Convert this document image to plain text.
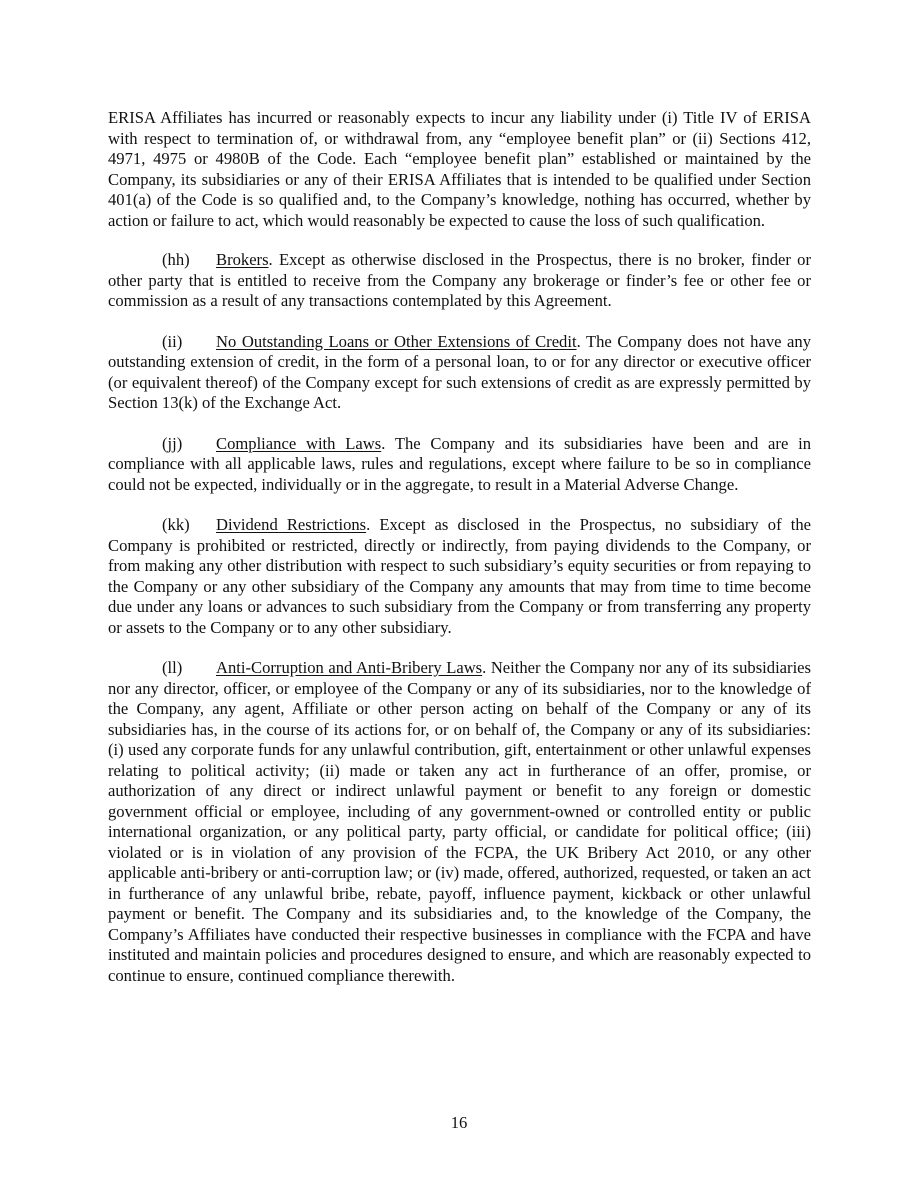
ERISA Affiliates has incurred or reasonably expects to incur any liability under (i) Title IV of ERISA with respect to termination of, or withdrawal from, any “employee benefit plan” or (ii) Sections 412, 4971, 4975 or 4980B of the Code. Each “employee benefit plan” established or maintained by the Company, its subsidiaries or any of their ERISA Affiliates that is intended to be qualified under Section 401(a) of the Code is so qualified and, to the Company’s knowledge, nothing has occurred, whether by action or failure to act, which would reasonably be expected to cause the loss of such qualification.

(hh) Brokers. Except as otherwise disclosed in the Prospectus, there is no broker, finder or other party that is entitled to receive from the Company any brokerage or finder’s fee or other fee or commission as a result of any transactions contemplated by this Agreement.

(ii) No Outstanding Loans or Other Extensions of Credit. The Company does not have any outstanding extension of credit, in the form of a personal loan, to or for any director or executive officer (or equivalent thereof) of the Company except for such extensions of credit as are expressly permitted by Section 13(k) of the Exchange Act.

(jj) Compliance with Laws. The Company and its subsidiaries have been and are in compliance with all applicable laws, rules and regulations, except where failure to be so in compliance could not be expected, individually or in the aggregate, to result in a Material Adverse Change.

(kk) Dividend Restrictions. Except as disclosed in the Prospectus, no subsidiary of the Company is prohibited or restricted, directly or indirectly, from paying dividends to the Company, or from making any other distribution with respect to such subsidiary’s equity securities or from repaying to the Company or any other subsidiary of the Company any amounts that may from time to time become due under any loans or advances to such subsidiary from the Company or from transferring any property or assets to the Company or to any other subsidiary.

(ll) Anti-Corruption and Anti-Bribery Laws. Neither the Company nor any of its subsidiaries nor any director, officer, or employee of the Company or any of its subsidiaries, nor to the knowledge of the Company, any agent, Affiliate or other person acting on behalf of the Company or any of its subsidiaries has, in the course of its actions for, or on behalf of, the Company or any of its subsidiaries: (i) used any corporate funds for any unlawful contribution, gift, entertainment or other unlawful expenses relating to political activity; (ii) made or taken any act in furtherance of an offer, promise, or authorization of any direct or indirect unlawful payment or benefit to any foreign or domestic government official or employee, including of any government-owned or controlled entity or public international organization, or any political party, party official, or candidate for political office; (iii) violated or is in violation of any provision of the FCPA, the UK Bribery Act 2010, or any other applicable anti-bribery or anti-corruption law; or (iv) made, offered, authorized, requested, or taken an act in furtherance of any unlawful bribe, rebate, payoff, influence payment, kickback or other unlawful payment or benefit. The Company and its subsidiaries and, to the knowledge of the Company, the Company’s Affiliates have conducted their respective businesses in compliance with the FCPA and have instituted and maintain policies and procedures designed to ensure, and which are reasonably expected to continue to ensure, continued compliance therewith.

16
